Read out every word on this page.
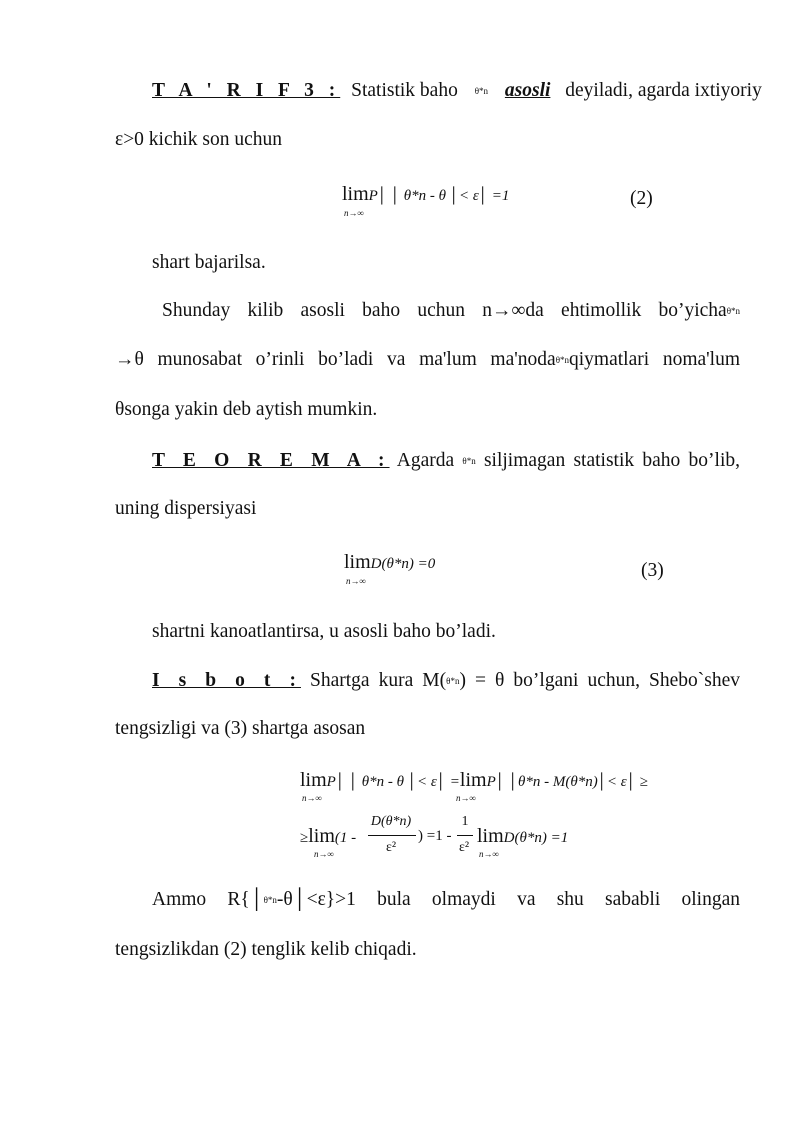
T A ' R I F 3 : Statistik baho θ*n asosli deyiladi, agarda ixtiyoriy
ε>0 kichik son uchun
limP│ │ θ*n - θ │< ε│ =1
n→∞
(2)
shart bajarilsa.
Shunday kilib asosli baho uchun n→∞da ehtimollik bo’yichaθ*n
→θ munosabat o’rinli bo’ladi va ma'lum ma'nodaθ*nqiymatlari noma'lum
θsonga yakin deb aytish mumkin.
T E O R E M A : Agarda θ*n siljimagan statistik baho bo’lib,
uning dispersiyasi
limD(θ*n) =0
n→∞	(3)
shartni kanoatlantirsa, u asosli baho bo’ladi.
I s b o t : Shartga kura M(θ*n) = θ bo’lgani uchun, Shebo`shev
tengsizligi va (3) shartga asosan
limP│ │ θ*n - θ │< ε│ =limP│ │θ*n - M(θ*n)│< ε│ ≥
n→∞	n→∞
≥lim(1 -
n→∞
D(θ*n)
ε²
) =1 -
1
ε²
limD(θ*n) =1
n→∞
Ammo R{│θ*n-θ│<ε}>1 bula olmaydi va shu sababli olingan
tengsizlikdan (2) tenglik kelib chiqadi.
